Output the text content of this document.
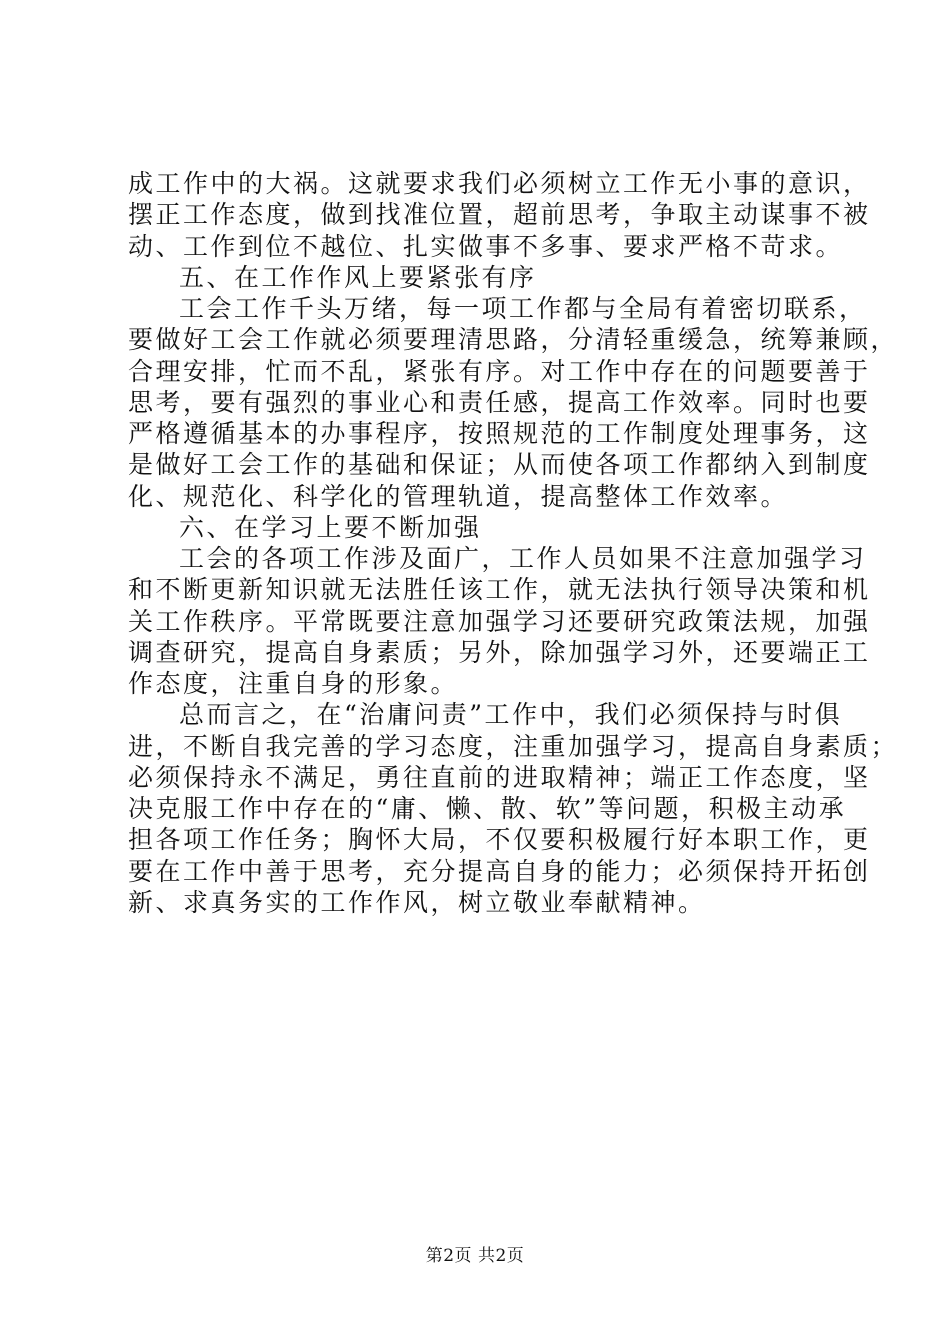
成工作中的大祸。这就要求我们必须树立工作无小事的意识，
摆正工作态度，做到找准位置，超前思考，争取主动谋事不被
动、工作到位不越位、扎实做事不多事、要求严格不苛求。
五、在工作作风上要紧张有序
工会工作千头万绪，每一项工作都与全局有着密切联系，
要做好工会工作就必须要理清思路，分清轻重缓急，统筹兼顾，
合理安排，忙而不乱，紧张有序。对工作中存在的问题要善于
思考，要有强烈的事业心和责任感，提高工作效率。同时也要
严格遵循基本的办事程序，按照规范的工作制度处理事务，这
是做好工会工作的基础和保证；从而使各项工作都纳入到制度
化、规范化、科学化的管理轨道，提高整体工作效率。
六、在学习上要不断加强
工会的各项工作涉及面广，工作人员如果不注意加强学习
和不断更新知识就无法胜任该工作，就无法执行领导决策和机
关工作秩序。平常既要注意加强学习还要研究政策法规，加强
调查研究，提高自身素质；另外，除加强学习外，还要端正工
作态度，注重自身的形象。
总而言之，在“治庸问责”工作中，我们必须保持与时俱
进，不断自我完善的学习态度，注重加强学习，提高自身素质；
必须保持永不满足，勇往直前的进取精神；端正工作态度，坚
决克服工作中存在的“庸、懒、散、软”等问题，积极主动承
担各项工作任务；胸怀大局，不仅要积极履行好本职工作，更
要在工作中善于思考，充分提高自身的能力；必须保持开拓创
新、求真务实的工作作风，树立敬业奉献精神。
第2页 共2页
